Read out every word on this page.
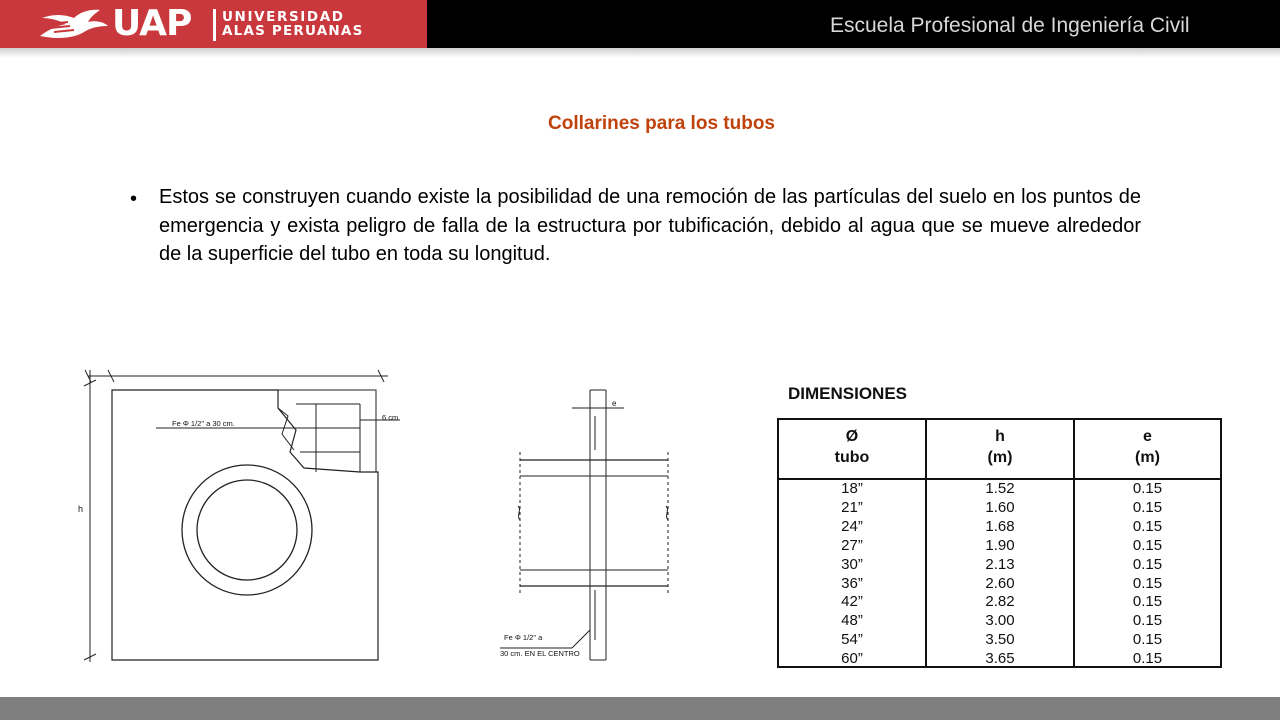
UAP UNIVERSIDAD
ALAS PERUANAS	Escuela Profesional de Ingeniería Civil
Collarines para los tubos
• Estos se construyen cuando existe la posibilidad de una remoción de las partículas del suelo en los puntos de emergencia y exista peligro de falla de la estructura por tubificación, debido al agua que se mueve alrededor de la superficie del tubo en toda su longitud.

h
Fe Φ 1/2" a 30 cm.
6 cm
e
Fe Φ 1/2" a
30 cm. EN EL CENTRO
DIMENSIONES
Ø
tubo
h
(m)
e
(m)
18”
21”
24”
27”
30”
36”
42”
48”
54”
60”
1.52
1.60
1.68
1.90
2.13
2.60
2.82
3.00
3.50
3.65
0.15
0.15
0.15
0.15
0.15
0.15
0.15
0.15
0.15
0.15
